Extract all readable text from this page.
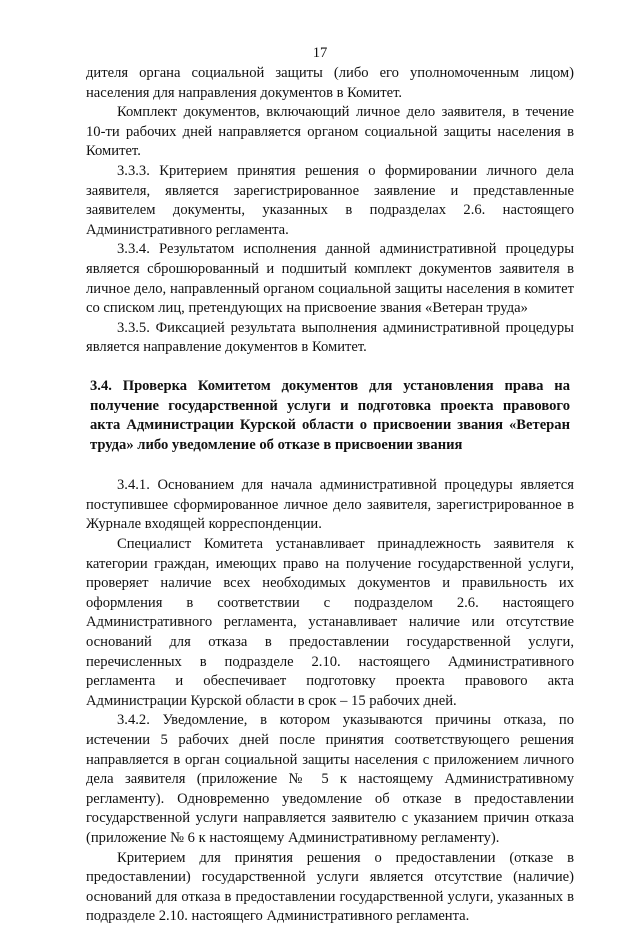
17

дителя органа социальной защиты (либо его уполномоченным лицом) населения для направления документов в Комитет.

Комплект документов, включающий личное дело заявителя, в течение 10-ти рабочих дней направляется органом социальной защиты населения в Комитет.

3.3.3. Критерием принятия решения о формировании личного дела заявителя, является зарегистрированное заявление и представленные заявителем документы, указанных в подразделах 2.6. настоящего Административного регламента.

3.3.4. Результатом исполнения данной административной процедуры является сброшюрованный и подшитый комплект документов заявителя в личное дело, направленный органом социальной защиты населения в комитет со списком лиц, претендующих на присвоение звания «Ветеран труда»

3.3.5. Фиксацией результата выполнения административной процедуры является направление документов в Комитет.

3.4. Проверка Комитетом документов для установления права на получение государственной услуги и подготовка проекта правового акта Администрации Курской области о присвоении звания «Ветеран труда» либо уведомление об отказе в присвоении звания

3.4.1. Основанием для начала административной процедуры является поступившее сформированное личное дело заявителя, зарегистрированное в Журнале входящей корреспонденции.

Специалист Комитета устанавливает принадлежность заявителя к категории граждан, имеющих право на получение государственной услуги, проверяет наличие всех необходимых документов и правильность их оформления в соответствии с подразделом 2.6. настоящего Административного регламента, устанавливает наличие или отсутствие оснований для отказа в предоставлении государственной услуги, перечисленных в подразделе 2.10. настоящего Административного регламента и обеспечивает подготовку проекта правового акта Администрации Курской области в срок – 15 рабочих дней.

3.4.2. Уведомление, в котором указываются причины отказа, по истечении 5 рабочих дней после принятия соответствующего решения направляется в орган социальной защиты населения с приложением личного дела заявителя (приложение № 5 к настоящему Административному регламенту). Одновременно уведомление об отказе в предоставлении государственной услуги направляется заявителю с указанием причин отказа (приложение № 6 к настоящему Административному регламенту).

Критерием для принятия решения о предоставлении (отказе в предоставлении) государственной услуги является отсутствие (наличие) оснований для отказа в предоставлении государственной услуги, указанных в подразделе 2.10. настоящего Административного регламента.
